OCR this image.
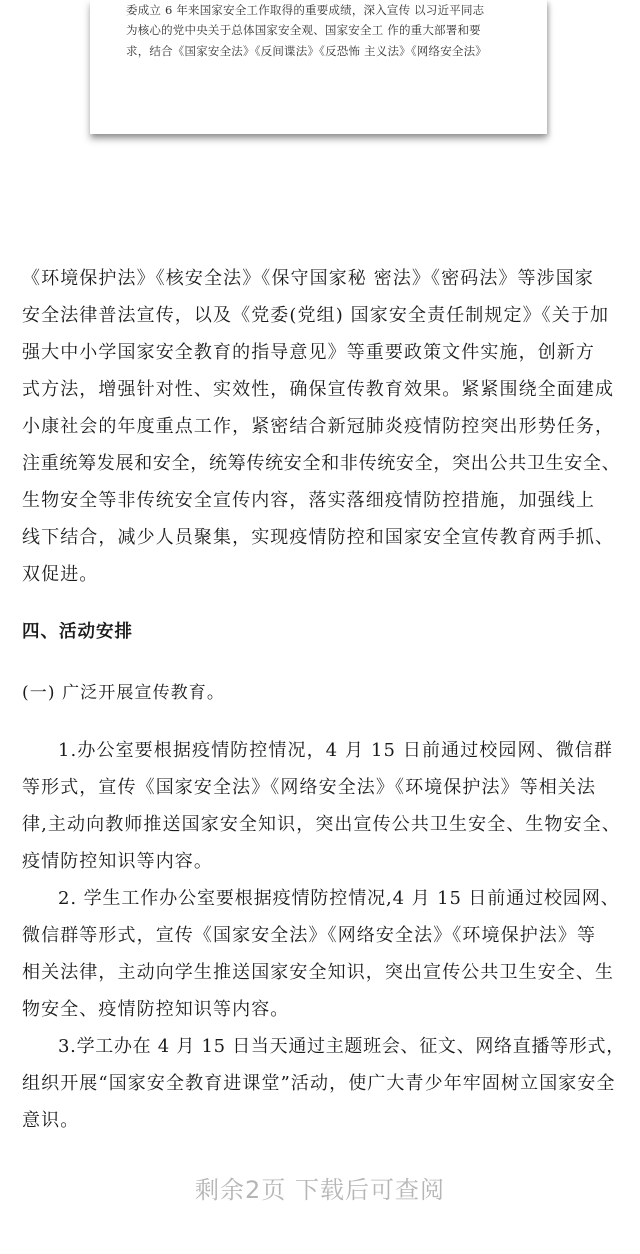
委成立 6 年来国家安全工作取得的重要成绩，深入宣传 以习近平同志
为核心的党中央关于总体国家安全观、国家安全工 作的重大部署和要
求，结合《国家安全法》《反间谍法》《反恐怖 主义法》《网络安全法》
《环境保护法》《核安全法》《保守国家秘 密法》《密码法》等涉国家
安全法律普法宣传，以及《党委(党组) 国家安全责任制规定》《关于加
强大中小学国家安全教育的指导意见》等重要政策文件实施，创新方
式方法，增强针对性、实效性，确保宣传教育效果。紧紧围绕全面建成
小康社会的年度重点工作，紧密结合新冠肺炎疫情防控突出形势任务，
注重统筹发展和安全，统筹传统安全和非传统安全，突出公共卫生安全、
生物安全等非传统安全宣传内容，落实落细疫情防控措施，加强线上
线下结合，减少人员聚集，实现疫情防控和国家安全宣传教育两手抓、
双促进。
四、活动安排
(一) 广泛开展宣传教育。
1.办公室要根据疫情防控情况，4 月 15 日前通过校园网、微信群
等形式，宣传《国家安全法》《网络安全法》《环境保护法》等相关法
律,主动向教师推送国家安全知识，突出宣传公共卫生安全、生物安全、
疫情防控知识等内容。
2. 学生工作办公室要根据疫情防控情况,4 月 15 日前通过校园网、
微信群等形式，宣传《国家安全法》《网络安全法》《环境保护法》等
相关法律，主动向学生推送国家安全知识，突出宣传公共卫生安全、生
物安全、疫情防控知识等内容。
3.学工办在 4 月 15 日当天通过主题班会、征文、网络直播等形式，
组织开展“国家安全教育进课堂”活动，使广大青少年牢固树立国家安全
意识。
剩余2页 下载后可查阅
